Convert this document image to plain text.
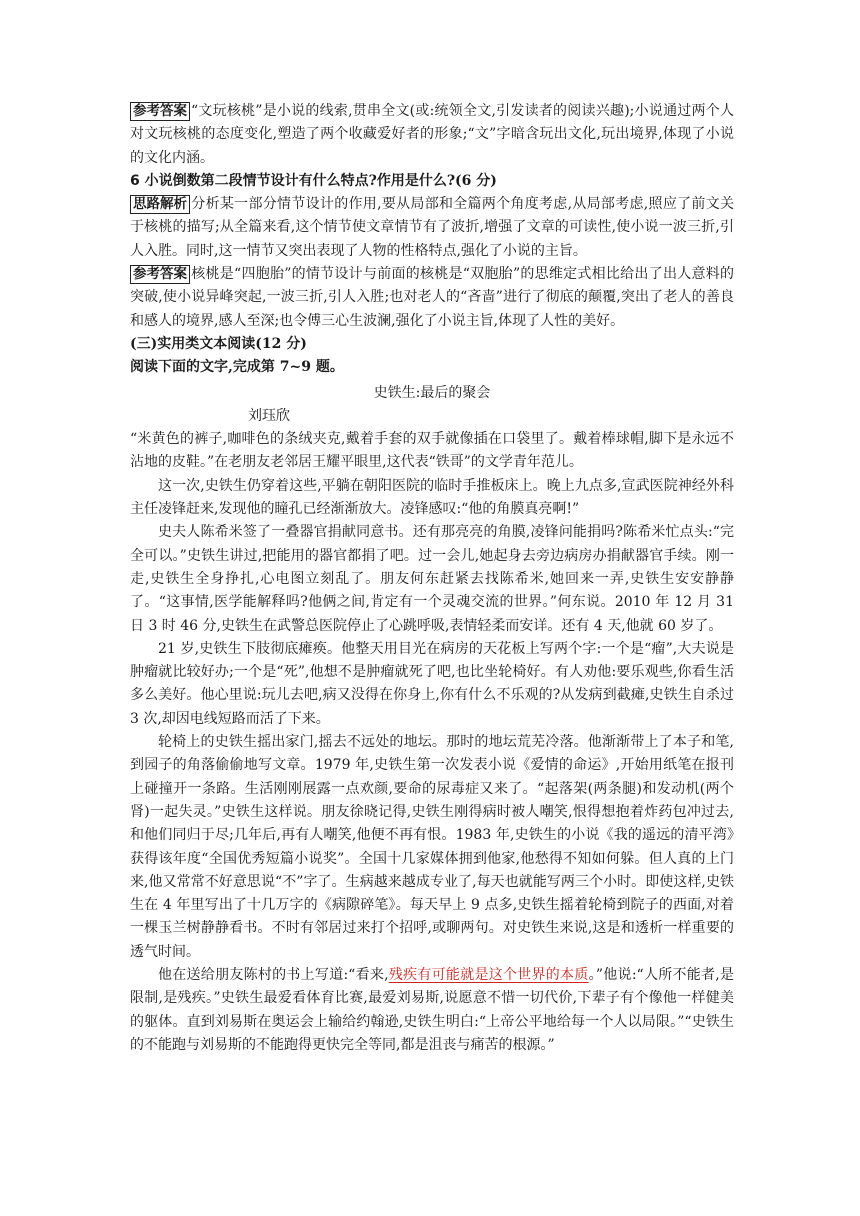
参考答案 “文玩核桃”是小说的线索,贯串全文(或:统领全文,引发读者的阅读兴趣);小说通过两个人对文玩核桃的态度变化,塑造了两个收藏爱好者的形象;“文”字暗含玩出文化,玩出境界,体现了小说的文化内涵。

6 小说倒数第二段情节设计有什么特点?作用是什么?(6 分)

思路解析 分析某一部分情节设计的作用,要从局部和全篇两个角度考虑,从局部考虑,照应了前文关于核桃的描写;从全篇来看,这个情节使文章情节有了波折,增强了文章的可读性,使小说一波三折,引人入胜。同时,这一情节又突出表现了人物的性格特点,强化了小说的主旨。

参考答案 核桃是“四胞胎”的情节设计与前面的核桃是“双胞胎”的思维定式相比给出了出人意料的突破,使小说异峰突起,一波三折,引人入胜;也对老人的“吝啬”进行了彻底的颠覆,突出了老人的善良和感人的境界,感人至深;也令傅三心生波澜,强化了小说主旨,体现了人性的美好。

(三)实用类文本阅读(12 分)

阅读下面的文字,完成第 7~9 题。

史铁生:最后的聚会

刘珏欣

“米黄色的裤子,咖啡色的条绒夹克,戴着手套的双手就像插在口袋里了。戴着棒球帽,脚下是永远不沾地的皮鞋。”在老朋友老邻居王耀平眼里,这代表“铁哥”的文学青年范儿。

这一次,史铁生仍穿着这些,平躺在朝阳医院的临时手推板床上。晚上九点多,宣武医院神经外科主任凌锋赶来,发现他的瞳孔已经渐渐放大。凌锋感叹:“他的角膜真亮啊!”

史夫人陈希米签了一叠器官捐献同意书。还有那亮亮的角膜,凌锋问能捐吗?陈希米忙点头:“完全可以。”史铁生讲过,把能用的器官都捐了吧。过一会儿,她起身去旁边病房办捐献器官手续。刚一走,史铁生全身挣扎,心电图立刻乱了。朋友何东赶紧去找陈希米,她回来一弄,史铁生安安静静了。“这事情,医学能解释吗?他俩之间,肯定有一个灵魂交流的世界。”何东说。2010 年 12 月 31 日 3 时 46 分,史铁生在武警总医院停止了心跳呼吸,表情轻柔而安详。还有 4 天,他就 60 岁了。

21 岁,史铁生下肢彻底瘫痪。他整天用目光在病房的天花板上写两个字:一个是“瘤”,大夫说是肿瘤就比较好办;一个是“死”,他想不是肿瘤就死了吧,也比坐轮椅好。有人劝他:要乐观些,你看生活多么美好。他心里说:玩儿去吧,病又没得在你身上,你有什么不乐观的?从发病到截瘫,史铁生自杀过 3 次,却因电线短路而活了下来。

轮椅上的史铁生摇出家门,摇去不远处的地坛。那时的地坛荒芜冷落。他渐渐带上了本子和笔,到园子的角落偷偷地写文章。1979 年,史铁生第一次发表小说《爱情的命运》,开始用纸笔在报刊上碰撞开一条路。生活刚刚展露一点欢颜,要命的尿毒症又来了。“起落架(两条腿)和发动机(两个肾)一起失灵。”史铁生这样说。朋友徐晓记得,史铁生刚得病时被人嘲笑,恨得想抱着炸药包冲过去,和他们同归于尽;几年后,再有人嘲笑,他便不再有恨。1983 年,史铁生的小说《我的遥远的清平湾》获得该年度“全国优秀短篇小说奖”。全国十几家媒体拥到他家,他愁得不知如何躲。但人真的上门来,他又常常不好意思说“不”字了。生病越来越成专业了,每天也就能写两三个小时。即使这样,史铁生在 4 年里写出了十几万字的《病隙碎笔》。每天早上 9 点多,史铁生摇着轮椅到院子的西面,对着一棵玉兰树静静看书。不时有邻居过来打个招呼,或聊两句。对史铁生来说,这是和透析一样重要的透气时间。

他在送给朋友陈村的书上写道:“看来,残疾有可能就是这个世界的本质。”他说:“人所不能者,是限制,是残疾。”史铁生最爱看体育比赛,最爱刘易斯,说愿意不惜一切代价,下辈子有个像他一样健美的躯体。直到刘易斯在奥运会上输给约翰逊,史铁生明白:“上帝公平地给每一个人以局限。”“史铁生的不能跑与刘易斯的不能跑得更快完全等同,都是沮丧与痛苦的根源。”
